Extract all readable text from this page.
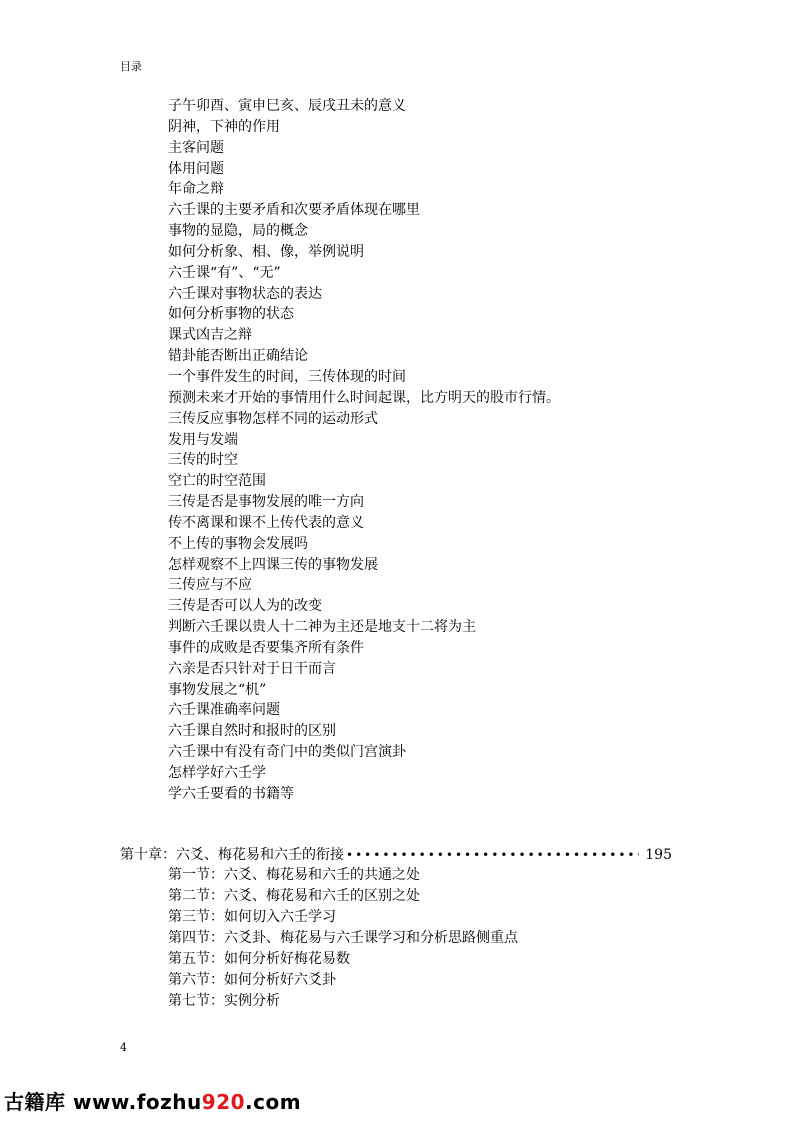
目录
子午卯酉、寅申巳亥、辰戌丑未的意义
阴神，下神的作用
主客问题
体用问题
年命之辩
六壬课的主要矛盾和次要矛盾体现在哪里
事物的显隐，局的概念
如何分析象、相、像，举例说明
六壬课“有”、“无”
六壬课对事物状态的表达
如何分析事物的状态
课式凶吉之辩
错卦能否断出正确结论
一个事件发生的时间，三传体现的时间
预测未来才开始的事情用什么时间起课，比方明天的股市行情。
三传反应事物怎样不同的运动形式
发用与发端
三传的时空
空亡的时空范围
三传是否是事物发展的唯一方向
传不离课和课不上传代表的意义
不上传的事物会发展吗
怎样观察不上四课三传的事物发展
三传应与不应
三传是否可以人为的改变
判断六壬课以贵人十二神为主还是地支十二将为主
事件的成败是否要集齐所有条件
六亲是否只针对于日干而言
事物发展之“机”
六壬课准确率问题
六壬课自然时和报时的区别
六壬课中有没有奇门中的类似门宫演卦
怎样学好六壬学
学六壬要看的书籍等
第十章：六爻、梅花易和六壬的衔接
•••••	195
第一节：六爻、梅花易和六壬的共通之处
第二节：六爻、梅花易和六壬的区别之处
第三节：如何切入六壬学习
第四节：六爻卦、梅花易与六壬课学习和分析思路侧重点
第五节：如何分析好梅花易数
第六节：如何分析好六爻卦
第七节：实例分析
4
古籍库 www.fozhu920.com
